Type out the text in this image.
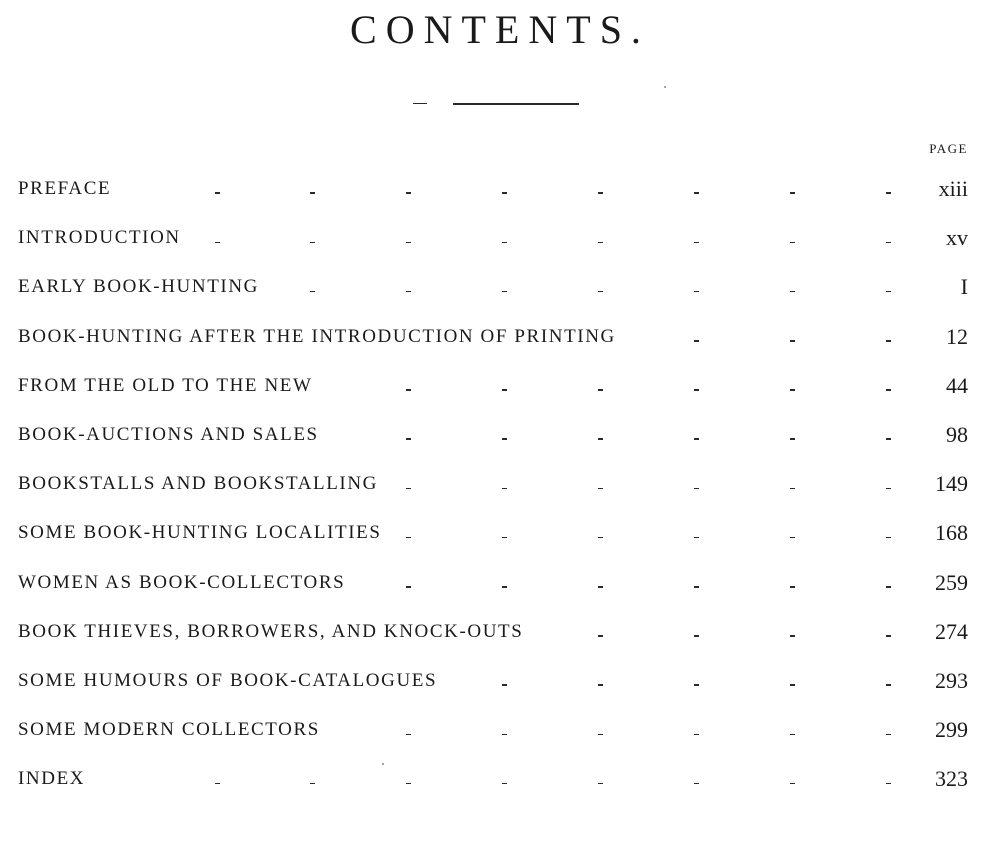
CONTENTS.
PAGE
PREFACE	xiii
INTRODUCTION	xv
EARLY BOOK-HUNTING	I
BOOK-HUNTING AFTER THE INTRODUCTION OF PRINTING	12
FROM THE OLD TO THE NEW	44
BOOK-AUCTIONS AND SALES	98
BOOKSTALLS AND BOOKSTALLING	149
SOME BOOK-HUNTING LOCALITIES	168
WOMEN AS BOOK-COLLECTORS	259
BOOK THIEVES, BORROWERS, AND KNOCK-OUTS	274
SOME HUMOURS OF BOOK-CATALOGUES	293
SOME MODERN COLLECTORS	299
INDEX	323
